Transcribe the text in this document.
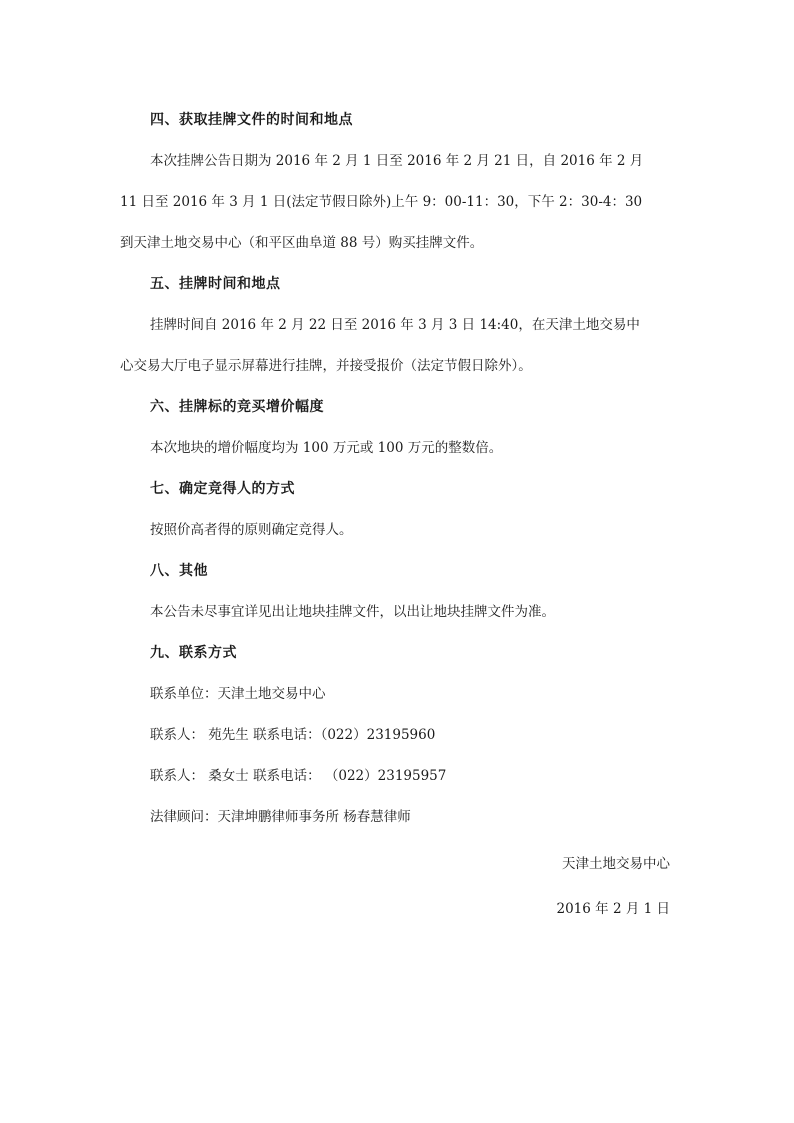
四、获取挂牌文件的时间和地点

本次挂牌公告日期为 2016 年 2 月 1 日至 2016 年 2 月 21 日，自 2016 年 2 月
11 日至 2016 年 3 月 1 日(法定节假日除外)上午 9：00-11：30，下午 2：30-4：30
到天津土地交易中心（和平区曲阜道 88 号）购买挂牌文件。

五、挂牌时间和地点

挂牌时间自 2016 年 2 月 22 日至 2016 年 3 月 3 日 14:40，在天津土地交易中
心交易大厅电子显示屏幕进行挂牌，并接受报价（法定节假日除外）。

六、挂牌标的竞买增价幅度

本次地块的增价幅度均为 100 万元或 100 万元的整数倍。

七、确定竞得人的方式

按照价高者得的原则确定竞得人。

八、其他

本公告未尽事宜详见出让地块挂牌文件，以出让地块挂牌文件为准。

九、联系方式

联系单位：天津土地交易中心

联系人： 苑先生 联系电话：（022）23195960

联系人： 桑女士 联系电话： （022）23195957

法律顾问：天津坤鹏律师事务所 杨春慧律师

天津土地交易中心
2016 年 2 月 1 日
